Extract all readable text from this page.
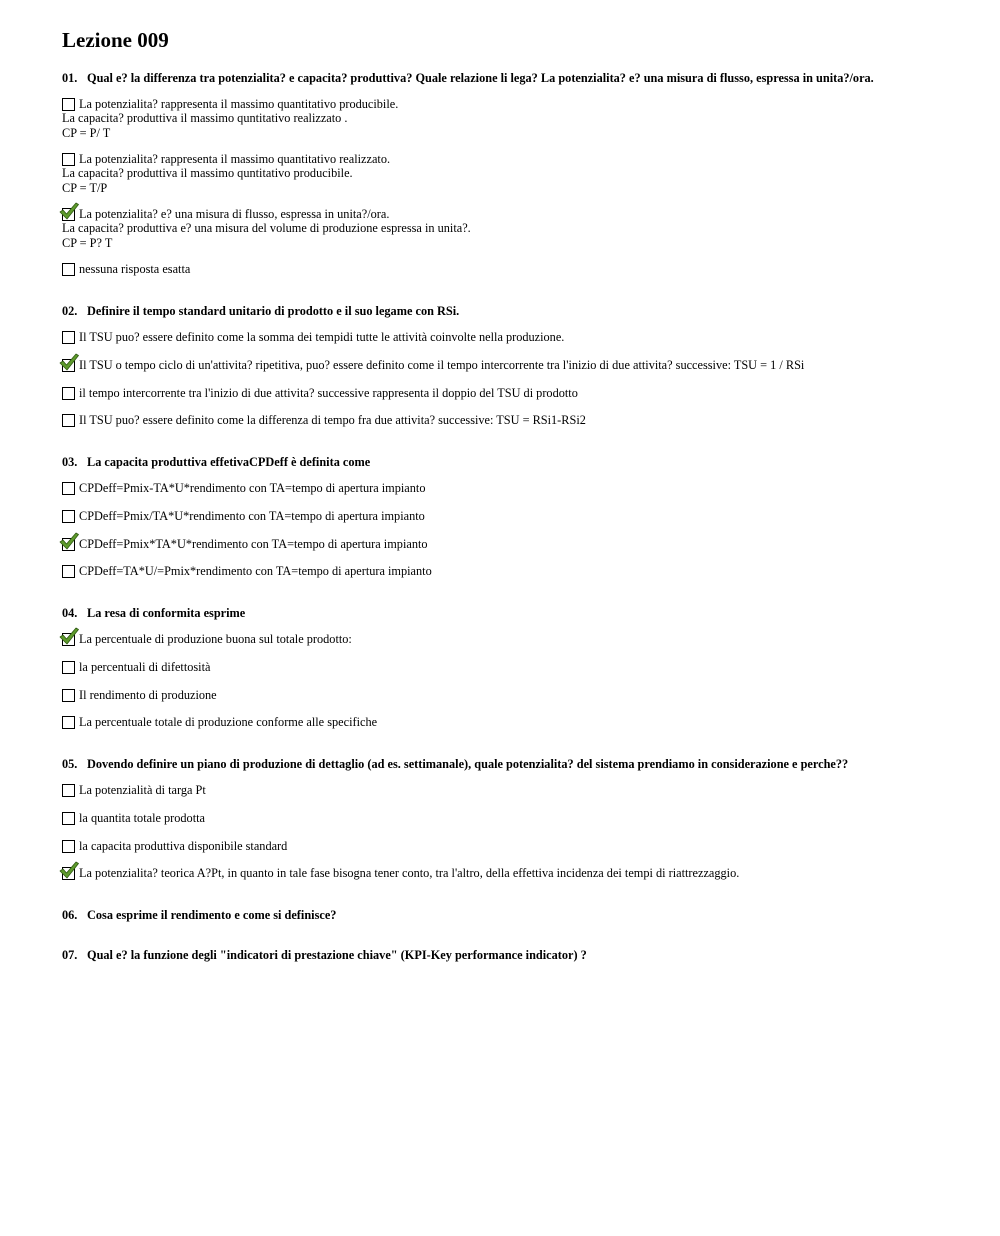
Lezione 009
01. Qual e? la differenza tra potenzialita? e capacita? produttiva? Quale relazione li lega? La potenzialita? e? una misura di flusso, espressa in unita?/ora.
La potenzialita? rappresenta il massimo quantitativo producibile.
La capacita? produttiva il massimo quntitativo realizzato .
CP = P/ T
La potenzialita? rappresenta il massimo quantitativo realizzato.
La capacita? produttiva il massimo quntitativo producibile.
CP = T/P
La potenzialita? e? una misura di flusso, espressa in unita?/ora.
La capacita? produttiva e? una misura del volume di produzione espressa in unita?.
CP = P? T
nessuna risposta esatta
02. Definire il tempo standard unitario di prodotto e il suo legame con RSi.
Il TSU puo? essere definito come la somma dei tempidi tutte le attività coinvolte nella produzione.
Il TSU o tempo ciclo di un'attivita? ripetitiva, puo? essere definito come il tempo intercorrente tra l'inizio di due attivita? successive: TSU = 1 / RSi
il tempo intercorrente tra l'inizio di due attivita? successive rappresenta il doppio del TSU di prodotto
Il TSU puo? essere definito come la differenza di tempo fra due attivita? successive: TSU = RSi1-RSi2
03. La capacita produttiva effetivaCPDeff è definita come
CPDeff=Pmix-TA*U*rendimento con TA=tempo di apertura impianto
CPDeff=Pmix/TA*U*rendimento con TA=tempo di apertura impianto
CPDeff=Pmix*TA*U*rendimento con TA=tempo di apertura impianto
CPDeff=TA*U/=Pmix*rendimento con TA=tempo di apertura impianto
04. La resa di conformita esprime
La percentuale di produzione buona sul totale prodotto:
la percentuali di difettosità
Il rendimento di produzione
La percentuale totale di produzione conforme alle specifiche
05. Dovendo definire un piano di produzione di dettaglio (ad es. settimanale), quale potenzialita? del sistema prendiamo in considerazione e perche??
La potenzialità di targa Pt
la quantita totale prodotta
la capacita produttiva disponibile standard
La potenzialita? teorica A?Pt, in quanto in tale fase bisogna tener conto, tra l'altro, della effettiva incidenza dei tempi di riattrezzaggio.
06. Cosa esprime il rendimento e come si definisce?
07. Qual e? la funzione degli "indicatori di prestazione chiave" (KPI-Key performance indicator) ?
